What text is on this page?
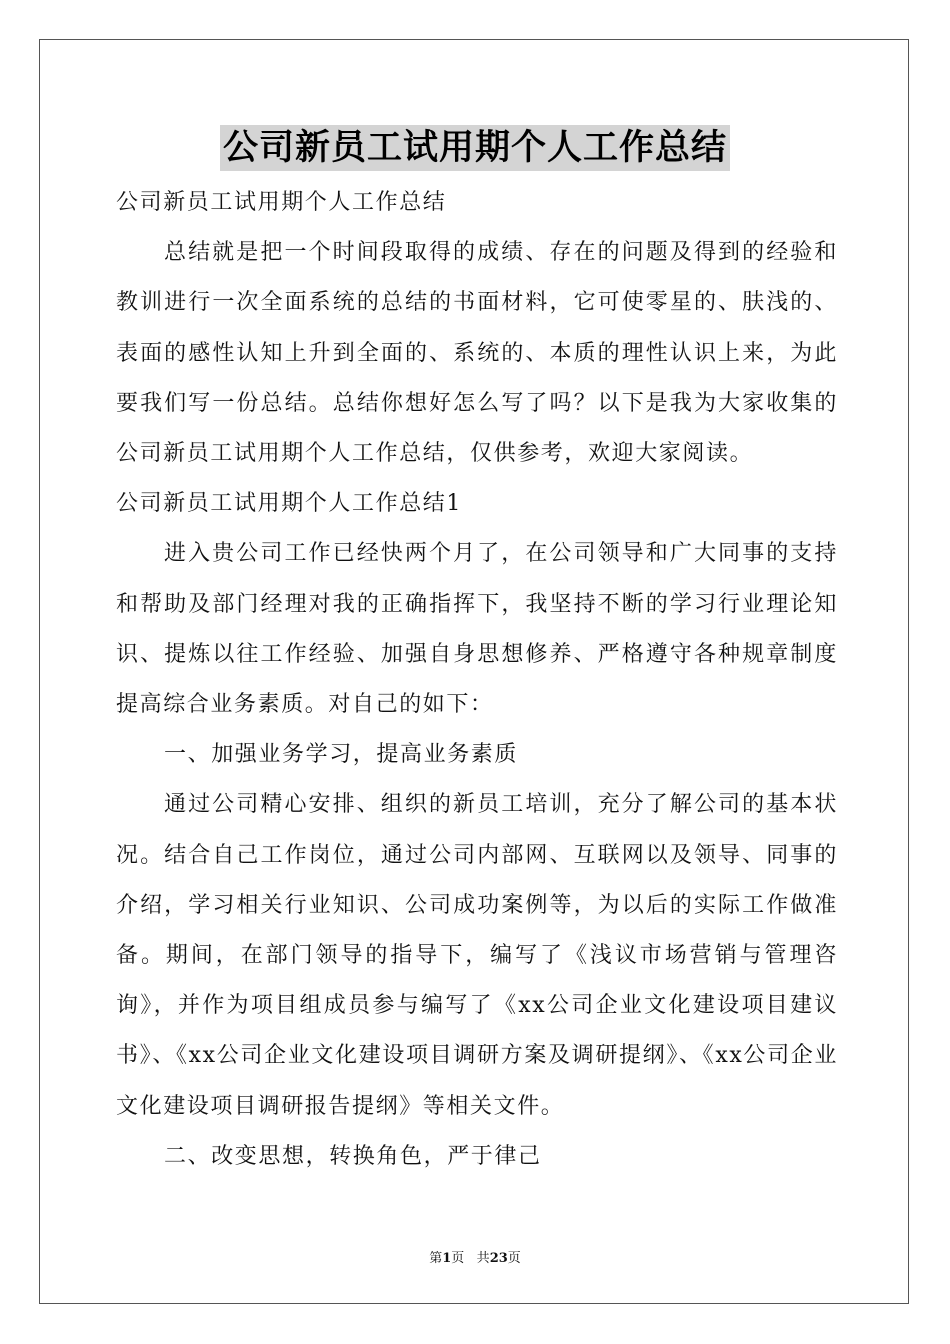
公司新员工试用期个人工作总结

公司新员工试用期个人工作总结

总结就是把一个时间段取得的成绩、存在的问题及得到的经验和教训进行一次全面系统的总结的书面材料，它可使零星的、肤浅的、表面的感性认知上升到全面的、系统的、本质的理性认识上来，为此要我们写一份总结。总结你想好怎么写了吗？以下是我为大家收集的公司新员工试用期个人工作总结，仅供参考，欢迎大家阅读。

公司新员工试用期个人工作总结1

进入贵公司工作已经快两个月了，在公司领导和广大同事的支持和帮助及部门经理对我的正确指挥下，我坚持不断的学习行业理论知识、提炼以往工作经验、加强自身思想修养、严格遵守各种规章制度提高综合业务素质。对自己的如下：

一、加强业务学习，提高业务素质

通过公司精心安排、组织的新员工培训，充分了解公司的基本状况。结合自己工作岗位，通过公司内部网、互联网以及领导、同事的介绍，学习相关行业知识、公司成功案例等，为以后的实际工作做准备。期间，在部门领导的指导下，编写了《浅议市场营销与管理咨询》，并作为项目组成员参与编写了《xx公司企业文化建设项目建议书》、《xx公司企业文化建设项目调研方案及调研提纲》、《xx公司企业文化建设项目调研报告提纲》等相关文件。

二、改变思想，转换角色，严于律己

第1页 共23页
